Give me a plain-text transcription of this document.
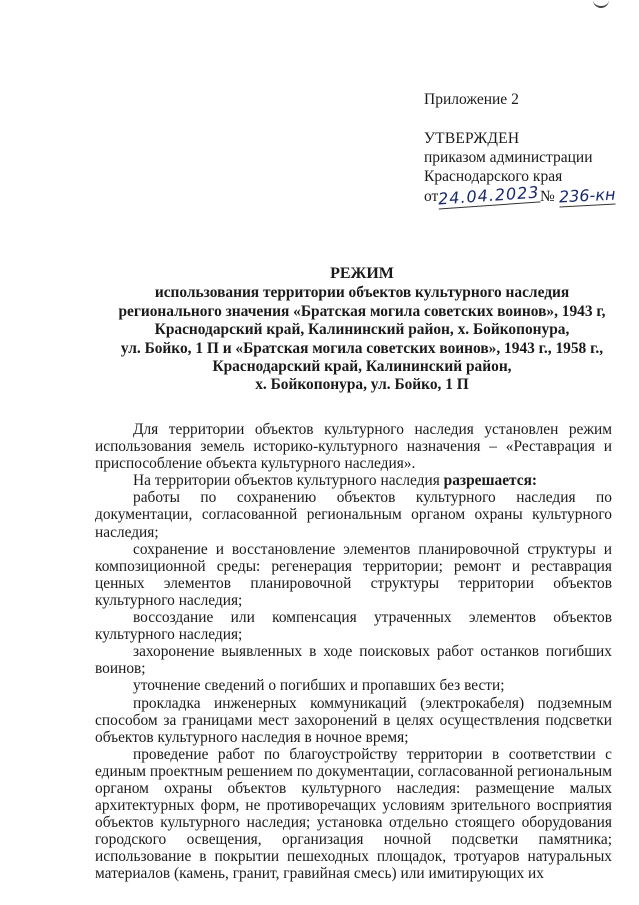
Приложение 2
УТВЕРЖДЕН
приказом администрации
Краснодарского края
от24.04.2023№ 236-кн
РЕЖИМ
использования территории объектов культурного наследия
регионального значения «Братская могила советских воинов», 1943 г,
Краснодарский край, Калининский район, х. Бойкопонура,
ул. Бойко, 1 П и «Братская могила советских воинов», 1943 г., 1958 г.,
Краснодарский край, Калининский район,
х. Бойкопонура, ул. Бойко, 1 П

Для территории объектов культурного наследия установлен режим использования земель историко-культурного назначения – «Реставрация и приспособление объекта культурного наследия».

На территории объектов культурного наследия разрешается:

работы по сохранению объектов культурного наследия по документации, согласованной региональным органом охраны культурного наследия;

сохранение и восстановление элементов планировочной структуры и композиционной среды: регенерация территории; ремонт и реставрация ценных элементов планировочной структуры территории объектов культурного наследия;

воссоздание или компенсация утраченных элементов объектов культурного наследия;

захоронение выявленных в ходе поисковых работ останков погибших воинов;

уточнение сведений о погибших и пропавших без вести;

прокладка инженерных коммуникаций (электрокабеля) подземным способом за границами мест захоронений в целях осуществления подсветки объектов культурного наследия в ночное время;

проведение работ по благоустройству территории в соответствии с единым проектным решением по документации, согласованной региональным органом охраны объектов культурного наследия: размещение малых архитектурных форм, не противоречащих условиям зрительного восприятия объектов культурного наследия; установка отдельно стоящего оборудования городского освещения, организация ночной подсветки памятника; использование в покрытии пешеходных площадок, тротуаров натуральных материалов (камень, гранит, гравийная смесь) или имитирующих их
